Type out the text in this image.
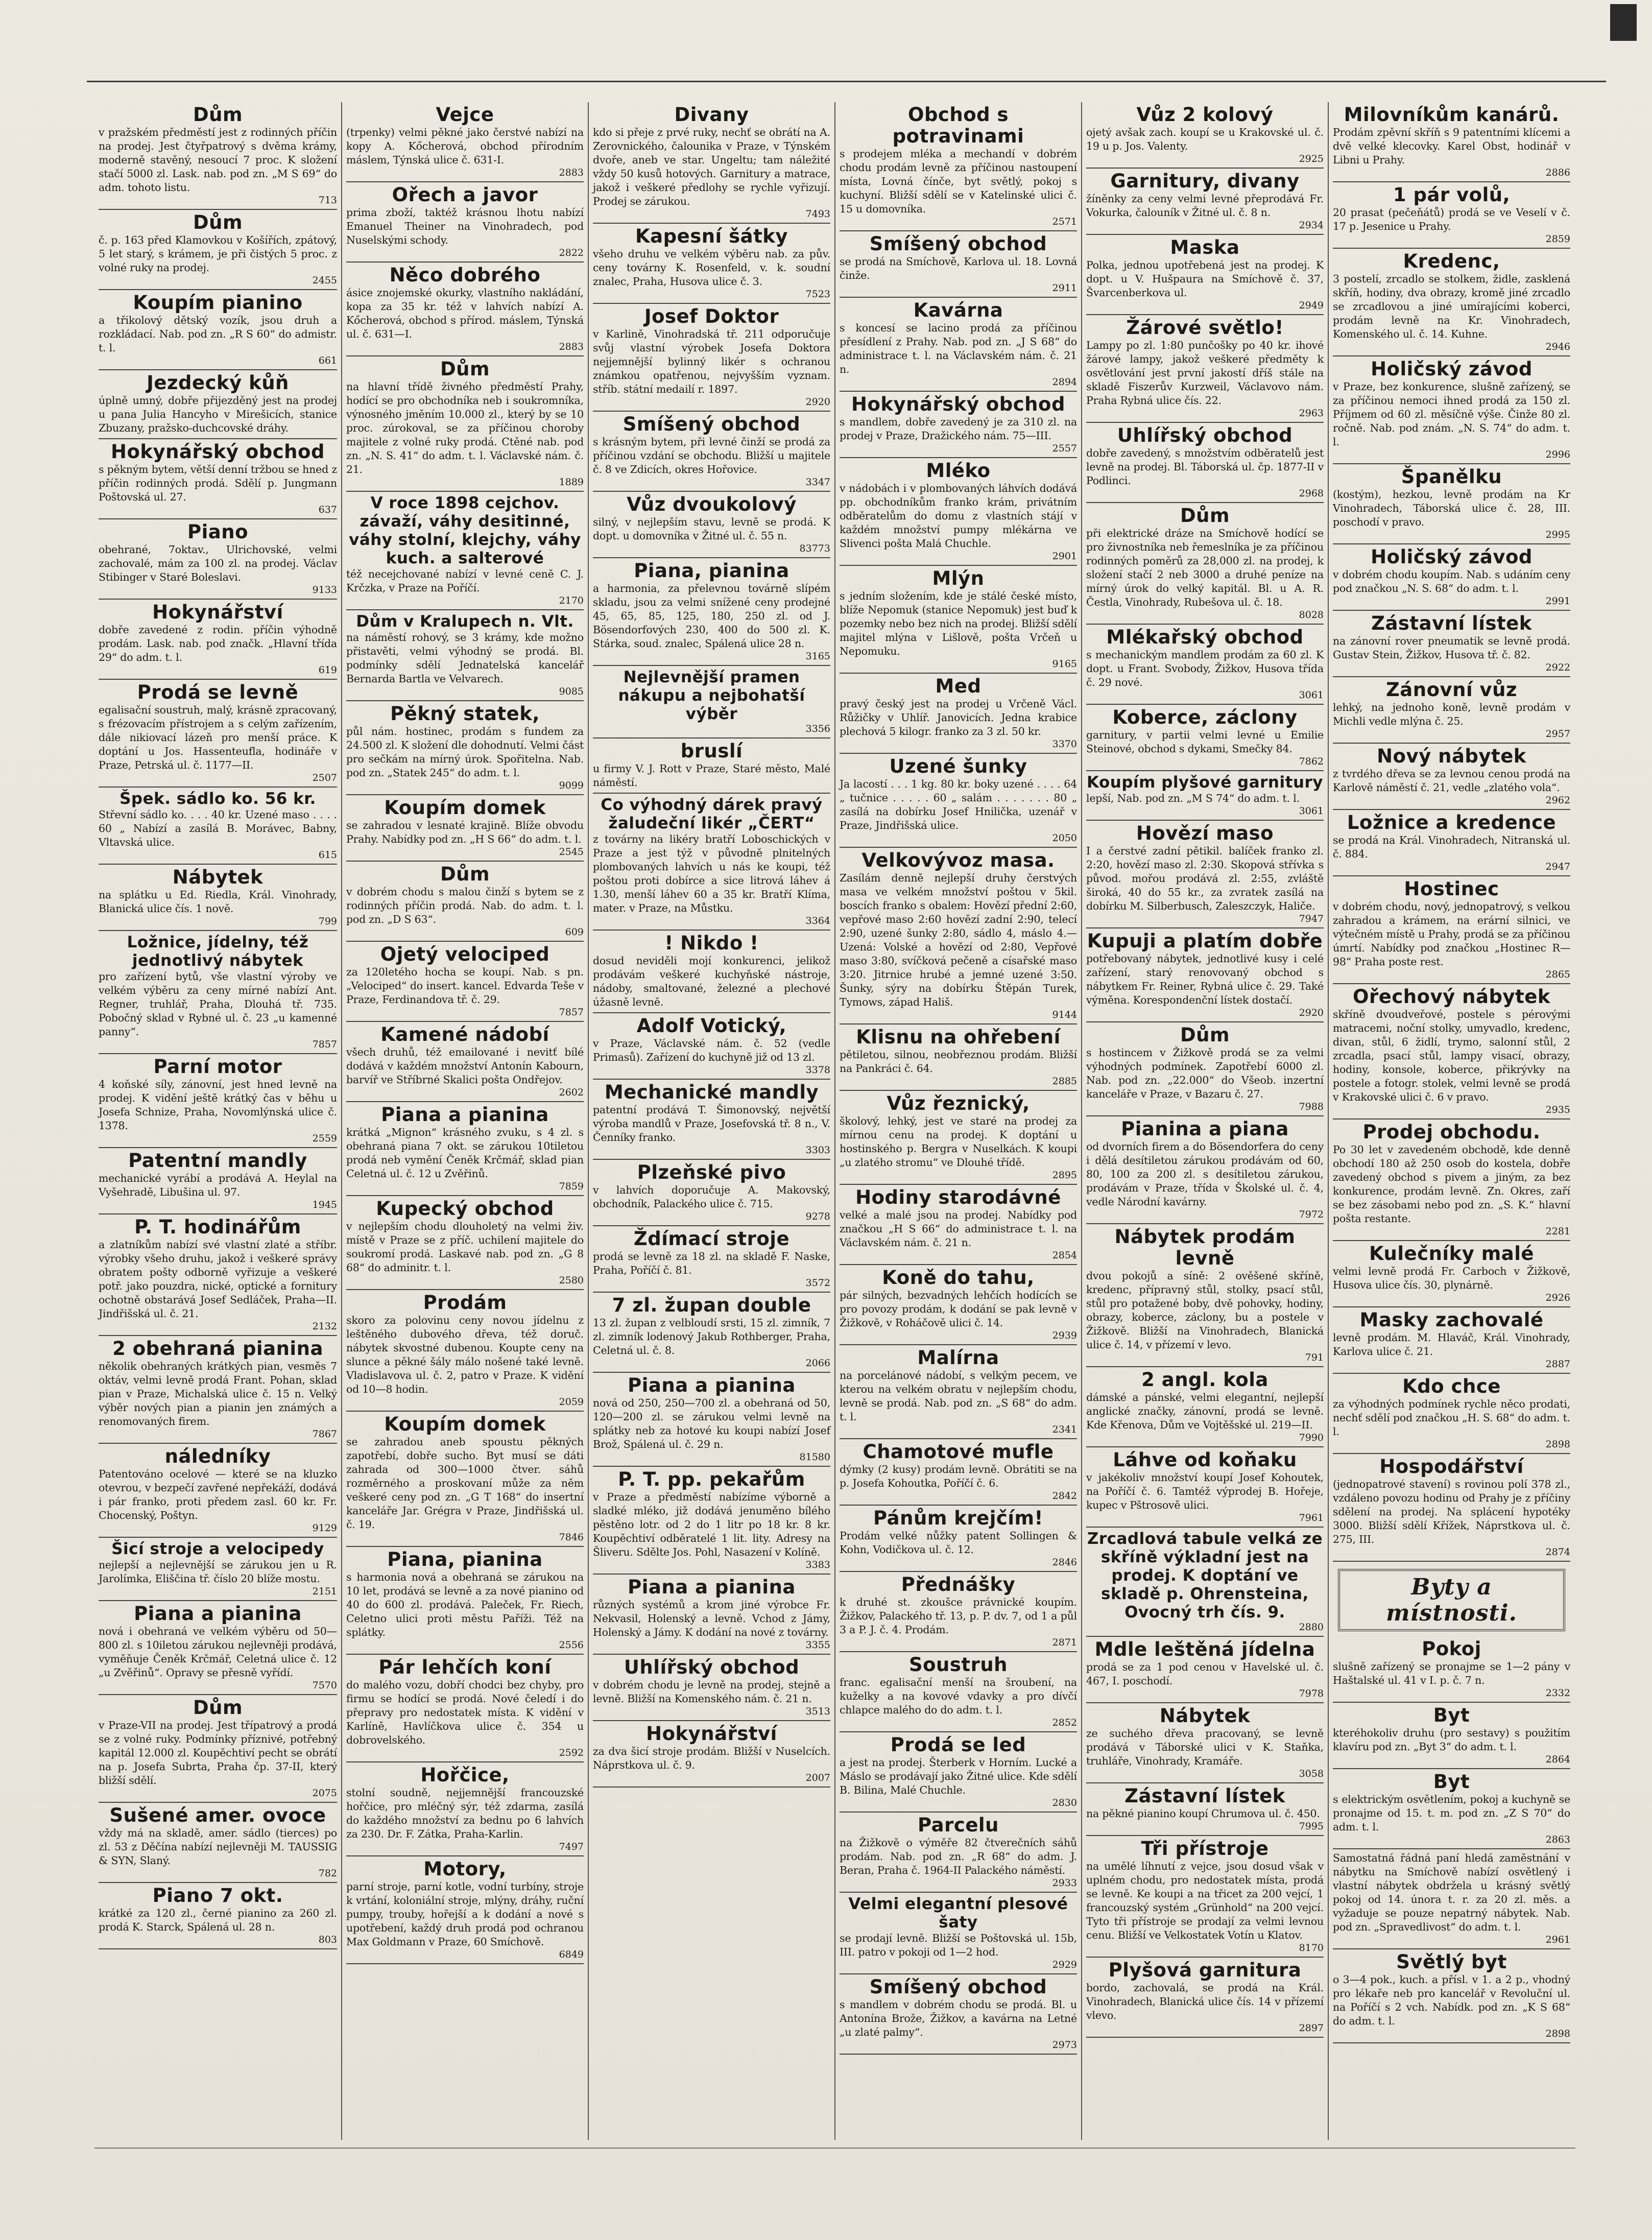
Dům
v pražském předměstí jest z rodinných příčin na prodej. Jest čtyřpatrový s dvěma krámy, moderně stavěný, nesoucí 7 proc. K složení stačí 5000 zl. Lask. nab. pod zn. „M S 69“ do adm. tohoto listu.
713
Dům
č. p. 163 před Klamovkou v Košířích, zpátový, 5 let starý, s krámem, je při čistých 5 proc. z volné ruky na prodej.
2455
Koupím pianino
a třikolový dětský vozík, jsou druh a rozkládací. Nab. pod zn. „R S 60“ do admistr. t. l.
661
Jezdecký kůň
úplně umný, dobře přijezděný jest na prodej u pana Julia Hancyho v Mirešicích, stanice Zbuzany, pražsko-duchcovské dráhy.
Hokynářský obchod
s pěkným bytem, větší denní tržbou se hned z příčin rodinných prodá. Sdělí p. Jungmann Poštovská ul. 27.
637
Piano
obehrané, 7oktav., Ulrichovské, velmi zachovalé, mám za 100 zl. na prodej. Václav Stibinger v Staré Boleslavi.
9133
Hokynářství
dobře zavedené z rodin. příčin výhodně prodám. Lask. nab. pod značk. „Hlavní třída 29“ do adm. t. l.
619
Prodá se levně
egalisační soustruh, malý, krásně zpracovaný, s frézovacím přístrojem a s celým zařízením, dále nikiovací lázeň pro menší práce. K doptání u Jos. Hassenteufla, hodináře v Praze, Petrská ul. č. 1177—II.
2507
Špek. sádlo ko. 56 kr.
Střevní sádlo ko. . . . 40 kr. Uzené maso . . . . 60 „ Nabízí a zasílá B. Morávec, Babny, Vltavská ulice.
615
Nábytek
na splátku u Ed. Riedla, Král. Vinohrady, Blanická ulice čís. 1 nově.
799
Ložnice, jídelny, též jednotlivý nábytek
pro zařízení bytů, vše vlastní výroby ve velkém výběru za ceny mírné nabízí Ant. Regner, truhlář, Praha, Dlouhá tř. 735. Pobočný sklad v Rybné ul. č. 23 „u kamenné panny“.
7857
Parní motor
4 koňské síly, zánovní, jest hned levně na prodej. K vidění ještě krátký čas v běhu u Josefa Schnize, Praha, Novomlýnská ulice č. 1378.
2559
Patentní mandly
mechanické vyrábí a prodává A. Heylal na Vyšehradě, Libušina ul. 97.
1945
P. T. hodinářům
a zlatníkům nabízí své vlastní zlaté a stříbr. výrobky všeho druhu, jakož i veškeré správy obratem pošty odborně vyřizuje a veškeré potř. jako pouzdra, nické, optické a fornitury ochotně obstarává Josef Sedláček, Praha—II. Jindřišská ul. č. 21.
2132
2 obehraná pianina
několik obehraných krátkých pian, vesměs 7 oktáv, velmi levně prodá Frant. Pohan, sklad pian v Praze, Michalská ulice č. 15 n. Velký výběr nových pian a pianin jen známých a renomovaných firem.
7867
náledníky
Patentováno ocelové — které se na kluzko otevrou, v bezpečí zavřené nepřekáží, dodává i pár franko, proti předem zasl. 60 kr. Fr. Chocenský, Poštyn.
9129
Šicí stroje a velocipedy
nejlepší a nejlevnější se zárukou jen u R. Jarolímka, Eliščina tř. číslo 20 blíže mostu.
2151
Piana a pianina
nová i obehraná ve velkém výběru od 50—800 zl. s 10iletou zárukou nejlevněji prodává, vyměňuje Čeněk Krčmář, Celetná ulice č. 12 „u Zvěřinů“. Opravy se přesně vyřídí.
7570
Dům
v Praze-VII na prodej. Jest třípatrový a prodá se z volné ruky. Podmínky příznivé, potřebný kapitál 12.000 zl. Koupěchtiví pecht se obrátí na p. Josefa Subrta, Praha čp. 37-II, který bližší sdělí.
2075
Sušené amer. ovoce
vždy má na skladě, amer. sádlo (tierces) po zl. 53 z Děčína nabízí nejlevněji M. TAUSSIG & SYN, Slaný.
782
Piano 7 okt.
krátké za 120 zl., černé pianino za 260 zl. prodá K. Starck, Spálená ul. 28 n.
803
Vejce
(trpenky) velmi pěkné jako čerstvé nabízí na kopy A. Kőcherová, obchod přírodním máslem, Týnská ulice č. 631-I.
2883
Ořech a javor
prima zboží, taktéž krásnou lhotu nabízí Emanuel Theiner na Vinohradech, pod Nuselskými schody.
2822
Něco dobrého
ásice znojemské okurky, vlastního nakládání, kopa za 35 kr. též v lahvích nabízí A. Kőcherová, obchod s přírod. máslem, Týnská ul. č. 631—I.
2883
Dům
na hlavní třídě živného předměstí Prahy, hodící se pro obchodníka neb i soukromníka, výnosného jměním 10.000 zl., který by se 10 proc. zúrokoval, se za příčinou choroby majitele z volné ruky prodá. Ctěné nab. pod zn. „N. S. 41“ do adm. t. l. Václavské nám. č. 21.
1889
V roce 1898 cejchov. závaží, váhy desitinné, váhy stolní, klejchy, váhy kuch. a salterové
též necejchované nabízí v levné ceně C. J. Krčzka, v Praze na Poříčí.
2170
Dům v Kralupech n. Vlt.
na náměstí rohový, se 3 krámy, kde možno přistavěti, velmi výhodný se prodá. Bl. podmínky sdělí Jednatelská kancelář Bernarda Bartla ve Velvarech.
9085
Pěkný statek,
půl nám. hostinec, prodám s fundem za 24.500 zl. K složení dle dohodnutí. Velmi část pro sečkám na mírný úrok. Spořitelna. Nab. pod zn. „Statek 245“ do adm. t. l.
9099
Koupím domek
se zahradou v lesnaté krajině. Blíže obvodu Prahy. Nabídky pod zn. „H S 66“ do adm. t. l.
2545
Dům
v dobrém chodu s malou činží s bytem se z rodinných příčin prodá. Nab. do adm. t. l. pod zn. „D S 63“.
609
Ojetý velociped
za 120letého hocha se koupí. Nab. s pn. „Velociped“ do insert. kancel. Edvarda Teše v Praze, Ferdinandova tř. č. 29.
7857
Kamené nádobí
všech druhů, též emailované i nevitť bílé dodává v každém množství Antonín Kabourn, barvíř ve Stříbrné Skalici pošta Ondřejov.
2602
Piana a pianina
krátká „Mignon“ krásného zvuku, s 4 zl. s obehraná piana 7 okt. se zárukou 10tiletou prodá neb vymění Čeněk Krčmář, sklad pian Celetná ul. č. 12 u Zvěřinů.
7859
Kupecký obchod
v nejlepším chodu dlouholetý na velmi živ. místě v Praze se z příč. uchilení majitele do soukromí prodá. Laskavé nab. pod zn. „G 8 68“ do adminitr. t. l.
2580
Prodám
skoro za polovinu ceny novou jídelnu z leštěného dubového dřeva, též doruč. nábytek skvostné dubenou. Koupte ceny na slunce a pěkné šály málo nošené také levně. Vladislavova ul. č. 2, patro v Praze. K vidění od 10—8 hodin.
2059
Koupím domek
se zahradou aneb spoustu pěkných zapotřebí, dobře sucho. Byt musí se dáti zahrada od 300—1000 čtver. sáhů rozměrného a proskovaní může za něm veškeré ceny pod zn. „G T 168“ do insertní kanceláře Jar. Grégra v Praze, Jindřišská ul. č. 19.
7846
Piana, pianina
s harmonia nová a obehraná se zárukou na 10 let, prodává se levně a za nové pianino od 40 do 600 zl. prodává. Paleček, Fr. Riech, Celetno ulici proti městu Paříži. Též na splátky.
2556
Pár lehčích koní
do malého vozu, dobří chodci bez chyby, pro firmu se hodící se prodá. Nové čeledí i do přepravy pro nedostatek místa. K vidění v Karlíně, Havlíčkova ulice č. 354 u dobrovelského.
2592
Hořčice,
stolní soudně, nejjemnější francouzské hořčice, pro mléčný sýr, též zdarma, zasílá do každého množství za bednu po 6 lahvích za 230. Dr. F. Zátka, Praha-Karlin.
7497
Motory,
parní stroje, parní kotle, vodní turbíny, stroje k vrtání, koloniální stroje, mlýny, dráhy, ruční pumpy, trouby, hořejší a k dodání a nové s upotřebení, každý druh prodá pod ochranou Max Goldmann v Praze, 60 Smíchově.
6849
Divany
kdo si přeje z prvé ruky, nechť se obrátí na A. Zerovnického, čalounika v Praze, v Týnském dvoře, aneb ve star. Ungeltu; tam náležité vždy 50 kusů hotových. Garnitury a matrace, jakož i veškeré předlohy se rychle vyřizují. Prodej se zárukou.
7493
Kapesní šátky
všeho druhu ve velkém výběru nab. za pův. ceny továrny K. Rosenfeld, v. k. soudní znalec, Praha, Husova ulice č. 3.
7523
Josef Doktor
v Karlině, Vinohradská tř. 211 odporučuje svůj vlastní výrobek Josefa Doktora nejjemnější bylinný likér s ochranou známkou opatřenou, nejvyšším vyznam. stříb. státní medailí r. 1897.
2920
Smíšený obchod
s krásným bytem, při levné činží se prodá za příčinou vzdání se obchodu. Bližší u majitele č. 8 ve Zdicích, okres Hořovice.
3347
Vůz dvoukolový
silný, v nejlepším stavu, levně se prodá. K dopt. u domovníka v Žitné ul. č. 55 n.
83773
Piana, pianina
a harmonia, za přelevnou továrně slípém skladu, jsou za velmi snížené ceny prodejné 45, 65, 85, 125, 180, 250 zl. od J. Bösendorfových 230, 400 do 500 zl. K. Stárka, soud. znalec, Spálená ulice 28 n.
3165
Nejlevnější pramen nákupu a nejbohatší výběr
3356
bruslí
u firmy V. J. Rott v Praze, Staré město, Malé náměstí.
Co výhodný dárek pravý žaludeční likér „ČERT“
z továrny na likéry bratří Loboschických v Praze a jest týž v původně plnitelných plombovaných lahvích u nás ke koupi, též poštou proti dobírce a sice litrová láhev á 1.30, menší láhev 60 a 35 kr. Bratří Klíma, mater. v Praze, na Můstku.
3364
! Nikdo !
dosud neviděli mojí konkurenci, jelikož prodávám veškeré kuchyňské nástroje, nádoby, smaltované, železné a plechové úžasně levně.
Adolf Votický,
v Praze, Václavské nám. č. 52 (vedle Primasů). Zařízení do kuchyně již od 13 zl.
3378
Mechanické mandly
patentní prodává T. Šimonovský, největší výroba mandlů v Praze, Josefovská tř. 8 n., V. Čenníky franko.
3303
Plzeňské pivo
v lahvích doporučuje A. Makovský, obchodník, Palackého ulice č. 715.
9278
Ždímací stroje
prodá se levně za 18 zl. na skladě F. Naske, Praha, Poříčí č. 81.
3572
7 zl. župan double
13 zl. župan z velbloudí srsti, 15 zl. zimník, 7 zl. zimník lodenový Jakub Rothberger, Praha, Celetná ul. č. 8.
2066
Piana a pianina
nová od 250, 250—700 zl. a obehraná od 50, 120—200 zl. se zárukou velmi levně na splátky neb za hotové ku koupi nabízí Josef Brož, Spálená ul. č. 29 n.
81580
P. T. pp. pekařům
v Praze a předměstí nabízíme výborně a sladké mléko, již dodává jenuměno bílého pěstěno lotr. od 2 do 1 litr po 18 kr. 8 kr. Koupěchtiví odběratelé 1 lit. lity. Adresy na Šliveru. Sdělte Jos. Pohl, Nasazení v Kolíně.
3383
Piana a pianina
různých systémů a krom jiné výrobce Fr. Nekvasil, Holenský a levně. Vchod z Jámy, Holenský a Jámy. K dodání na nové z továrny.
3355
Uhlířský obchod
v dobrém chodu je levně na prodej, stejně a levně. Bližší na Komenského nám. č. 21 n.
3513
Hokynářství
za dva šicí stroje prodám. Bližší v Nuselcích. Náprstkova ul. č. 9.
2007
Obchod s potravinami
s prodejem mléka a mechandí v dobrém chodu prodám levně za příčinou nastoupení místa, Lovná čínče, byt světlý, pokoj s kuchyní. Bližší sdělí se v Katelinské ulici č. 15 u domovníka.
2571
Smíšený obchod
se prodá na Smíchově, Karlova ul. 18. Lovná činže.
2911
Kavárna
s koncesí se lacino prodá za příčinou přesídlení z Prahy. Nab. pod zn. „J S 68“ do administrace t. l. na Václavském nám. č. 21 n.
2894
Hokynářský obchod
s mandlem, dobře zavedený je za 310 zl. na prodej v Praze, Dražického nám. 75—III.
2557
Mléko
v nádobách i v plombovaných láhvích dodává pp. obchodníkům franko krám, privátním odběratelům do domu z vlastních stájí v každém množství pumpy mlékárna ve Slivenci pošta Malá Chuchle.
2901
Mlýn
s jedním složením, kde je stálé české místo, blíže Nepomuk (stanice Nepomuk) jest buď k pozemky nebo bez nich na prodej. Bližší sdělí majitel mlýna v Lišlově, pošta Vrčeň u Nepomuku.
9165
Med
pravý český jest na prodej u Vrčeně Václ. Růžičky v Uhlíř. Janovicích. Jedna krabice plechová 5 kilogr. franko za 3 zl. 50 kr.
3370
Uzené šunky
Ja lacostí . . . 1 kg. 80 kr. boky uzené . . . . 64 „ tučnice . . . . . 60 „ salám . . . . . . . 80 „ zasílá na dobírku Josef Hnilička, uzenář v Praze, Jindřišská ulice.
2050
Velkovývoz masa.
Zasílám denně nejlepší druhy čerstvých masa ve velkém množství poštou v 5kil. boscích franko s obalem: Hovězí přední 2:60, vepřové maso 2:60 hovězí zadní 2:90, telecí 2:90, uzené šunky 2:80, sádlo 4, máslo 4.— Uzená: Volské a hovězí od 2:80, Vepřové maso 3:80, svíčková pečeně a císařské maso 3:20. Jitrnice hrubé a jemné uzené 3:50. Šunky, sýry na dobírku Štěpán Turek, Tymows, západ Hališ.
9144
Klisnu na ohřebení
pětiletou, silnou, neobřeznou prodám. Bližší na Pankráci č. 64.
2885
Vůz řeznický,
školový, lehký, jest ve staré na prodej za mírnou cenu na prodej. K doptání u hostinského p. Bergra v Nuselkách. K koupi „u zlatého stromu“ ve Dlouhé třídě.
2895
Hodiny starodávné
velké a malé jsou na prodej. Nabídky pod značkou „H S 66“ do administrace t. l. na Václavském nám. č. 21 n.
2854
Koně do tahu,
pár silných, bezvadných lehčích hodících se pro povozy prodám, k dodání se pak levně v Žižkově, v Roháčově ulici č. 14.
2939
Malírna
na porcelánové nádobí, s velkým pecem, ve kterou na velkém obratu v nejlepším chodu, levně se prodá. Nab. pod zn. „S 68“ do adm. t. l.
2341
Chamotové mufle
dýmky (2 kusy) prodám levně. Obrátiti se na p. Josefa Kohoutka, Poříčí č. 6.
2842
Pánům krejčím!
Prodám velké nůžky patent Sollingen & Kohn, Vodičkova ul. č. 12.
2846
Přednášky
k druhé st. zkoušce právnické koupím. Žižkov, Palackého tř. 13, p. P. dv. 7, od 1 a půl 3 a P. J. č. 4. Prodám.
2871
Soustruh
franc. egalisační menší na šroubení, na kuželky a na kovové vdavky a pro dívčí chlapce malého do do adm. t. l.
2852
Prodá se led
a jest na prodej. Šterberk v Horním. Lucké a Máslo se prodávají jako Žitné ulice. Kde sdělí B. Bilina, Malé Chuchle.
2830
Parcelu
na Žižkově o výměře 82 čtverečních sáhů prodám. Nab. pod zn. „R 68“ do adm. J. Beran, Praha č. 1964-II Palackého náměstí.
2933
Velmi elegantní plesové šaty
se prodají levně. Bližší se Poštovská ul. 15b, III. patro v pokoji od 1—2 hod.
2929
Smíšený obchod
s mandlem v dobrém chodu se prodá. Bl. u Antonína Brože, Žižkov, a kavárna na Letné „u zlaté palmy“.
2973
Vůz 2 kolový
ojetý avšak zach. koupí se u Krakovské ul. č. 19 u p. Jos. Valenty.
2925
Garnitury, divany
žíněnky za ceny velmi levné přeprodává Fr. Vokurka, čalouník v Žitné ul. č. 8 n.
2934
Maska
Polka, jednou upotřebená jest na prodej. K dopt. u V. Hušpaura na Smíchově č. 37, Švarcenberkova ul.
2949
Žárové světlo!
Lampy po zl. 1:80 punčošky po 40 kr. ihové žárové lampy, jakož veškeré předměty k osvětlování jest první jakostí dříš stále na skladě Fiszerův Kurzweil, Václavovo nám. Praha Rybná ulice čís. 22.
2963
Uhlířský obchod
dobře zavedený, s množstvím odběratelů jest levně na prodej. Bl. Táborská ul. čp. 1877-II v Podlinci.
2968
Dům
při elektrické dráze na Smíchově hodící se pro živnostníka neb řemeslníka je za příčinou rodinných poměrů za 28,000 zl. na prodej, k složení stačí 2 neb 3000 a druhé peníze na mírný úrok do velký kapitál. Bl. u A. R. Čestla, Vinohrady, Rubešova ul. č. 18.
8028
Mlékařský obchod
s mechanickým mandlem prodám za 60 zl. K dopt. u Frant. Svobody, Žižkov, Husova třída č. 29 nové.
3061
Koberce, záclony
garnitury, v partii velmi levné u Emilie Steinové, obchod s dykami, Smečky 84.
7862
Koupím plyšové garnitury
lepší, Nab. pod zn. „M S 74“ do adm. t. l.
3061
Hovězí maso
I a čerstvé zadní pětikil. balíček franko zl. 2:20, hovězí maso zl. 2:30. Skopová střívka s původ. mořou prodává zl. 2:55, zvláště široká, 40 do 55 kr., za zvratek zasílá na dobírku M. Silberbusch, Zaleszczyk, Haliče.
7947
Kupuji a platím dobře
potřebovaný nábytek, jednotlivé kusy i celé zařízení, starý renovovaný obchod s nábytkem Fr. Reiner, Rybná ulice č. 29. Také výměna. Korespondenční lístek dostačí.
2920
Dům
s hostincem v Žižkově prodá se za velmi výhodných podmínek. Zapotřebí 6000 zl. Nab. pod zn. „22.000“ do Všeob. inzertní kanceláře v Praze, v Bazaru č. 27.
7988
Pianina a piana
od dvorních firem a do Bösendorfera do ceny i dělá desítiletou zárukou prodávám od 60, 80, 100 za 200 zl. s desítiletou zárukou, prodávám v Praze, třída v Školské ul. č. 4, vedle Národní kavárny.
7972
Nábytek prodám levně
dvou pokojů a síně: 2 ověšené skříně, kredenc, přípravný stůl, stolky, psací stůl, stůl pro potažené boby, dvě pohovky, hodiny, obrazy, koberce, záclony, bu a postele v Žižkově. Bližší na Vinohradech, Blanická ulice č. 14, v přízemí v levo.
791
2 angl. kola
dámské a pánské, velmi elegantní, nejlepší anglické značky, zánovní, prodá se levně. Kde Křenova, Dům ve Vojtěšské ul. 219—II.
7990
Láhve od koňaku
v jakékoliv množství koupí Josef Kohoutek, na Poříčí č. 6. Tamtéž výprodej B. Hořeje, kupec v Pštrosově ulici.
7961
Zrcadlová tabule velká ze skříně výkladní jest na prodej. K doptání ve skladě p. Ohrensteina, Ovocný trh čís. 9.
2880
Mdle leštěná jídelna
prodá se za 1 pod cenou v Havelské ul. č. 467, I. poschodí.
7978
Nábytek
ze suchého dřeva pracovaný, se levně prodává v Táborské ulici v K. Staňka, truhláře, Vinohrady, Kramáře.
3058
Zástavní lístek
na pěkné pianino koupí Chrumova ul. č. 450.
7995
Tři přístroje
na umělé líhnutí z vejce, jsou dosud však v uplném chodu, pro nedostatek místa, prodá se levně. Ke koupi a na třicet za 200 vejcí, 1 francouzský systém „Grünhold“ na 200 vejcí. Tyto tři přístroje se prodají za velmi levnou cenu. Bližší ve Velkostatek Votín u Klatov.
8170
Plyšová garnitura
bordo, zachovalá, se prodá na Král. Vinohradech, Blanická ulice čís. 14 v přízemí vlevo.
2897
Milovníkům kanárů.
Prodám zpěvní skříň s 9 patentními klícemi a dvě velké klecovky. Karel Obst, hodinář v Libni u Prahy.
2886
1 pár volů,
20 prasat (pečeňátů) prodá se ve Veselí v č. 17 p. Jesenice u Prahy.
2859
Kredenc,
3 postelí, zrcadlo se stolkem, židle, zasklená skříň, hodiny, dva obrazy, kromě jiné zrcadlo se zrcadlovou a jiné umírajícími koberci, prodám levně na Kr. Vinohradech, Komenského ul. č. 14. Kuhne.
2946
Holičský závod
v Praze, bez konkurence, slušně zařízený, se za příčinou nemoci ihned prodá za 150 zl. Příjmem od 60 zl. měsíčně výše. Činže 80 zl. ročně. Nab. pod znám. „N. S. 74“ do adm. t. l.
2996
Španělku
(kostým), hezkou, levně prodám na Kr Vinohradech, Táborská ulice č. 28, III. poschodí v pravo.
2995
Holičský závod
v dobrém chodu koupím. Nab. s udáním ceny pod značkou „N. S. 68“ do adm. t. l.
2991
Zástavní lístek
na zánovní rover pneumatik se levně prodá. Gustav Stein, Žižkov, Husova tř. č. 82.
2922
Zánovní vůz
lehký, na jednoho koně, levně prodám v Michli vedle mlýna č. 25.
2957
Nový nábytek
z tvrdého dřeva se za levnou cenou prodá na Karlově náměstí č. 21, vedle „zlatého vola“.
2962
Ložnice a kredence
se prodá na Král. Vinohradech, Nitranská ul. č. 884.
2947
Hostinec
v dobrém chodu, nový, jednopatrový, s velkou zahradou a krámem, na erární silnici, ve výtečném místě u Prahy, prodá se za příčinou úmrtí. Nabídky pod značkou „Hostinec R—98“ Praha poste rest.
2865
Ořechový nábytek
skříně dvoudveřové, postele s pérovými matracemi, noční stolky, umyvadlo, kredenc, divan, stůl, 6 židlí, trymo, salonní stůl, 2 zrcadla, psací stůl, lampy visací, obrazy, hodiny, konsole, koberce, přikrývky na postele a fotogr. stolek, velmi levně se prodá v Krakovské ulici č. 6 v pravo.
2935
Prodej obchodu.
Po 30 let v zavedeném obchodě, kde denně obchodí 180 až 250 osob do kostela, dobře zavedený obchod s pivem a jiným, za bez konkurence, prodám levně. Zn. Okres, zaří se bez zásobami nebo pod zn. „S. K.“ hlavní pošta restante.
2281
Kulečníky malé
velmi levně prodá Fr. Carboch v Žižkově, Husova ulice čís. 30, plynárně.
2926
Masky zachovalé
levně prodám. M. Hlaváč, Král. Vinohrady, Karlova ulice č. 21.
2887
Kdo chce
za výhodných podmínek rychle něco prodati, nechť sdělí pod značkou „H. S. 68“ do adm. t. l.
2898
Hospodářství
(jednopatrové stavení) s rovinou polí 378 zl., vzdáleno povozu hodinu od Prahy je z příčiny sdělení na prodej. Na splácení hypotéky 3000. Bližší sdělí Křížek, Náprstkova ul. č. 275, III.
2874
Byty a místnosti.
Pokoj
slušně zařízený se pronajme se 1—2 pány v Haštalské ul. 41 v I. p. č. 7 n.
2332
Byt
kteréhokoliv druhu (pro sestavy) s použitím klavíru pod zn. „Byt 3“ do adm. t. l.
2864
Byt
s elektrickým osvětlením, pokoj a kuchyně se pronajme od 15. t. m. pod zn. „Z S 70“ do adm. t. l.
2863
Samostatná řádná paní hledá zaměstnání v nábytku na Smíchově nabízí osvětlený i vlastní nábytek obdržela u krásný světlý pokoj od 14. února t. r. za 20 zl. měs. a vyžaduje se pouze nepatrný nábytek. Nab. pod zn. „Spravedlivost“ do adm. t. l.
2961
Světlý byt
o 3—4 pok., kuch. a přísl. v 1. a 2 p., vhodný pro lékaře neb pro kancelář v Revoluční ul. na Poříčí s 2 vch. Nabídk. pod zn. „K S 68“ do adm. t. l.
2898
